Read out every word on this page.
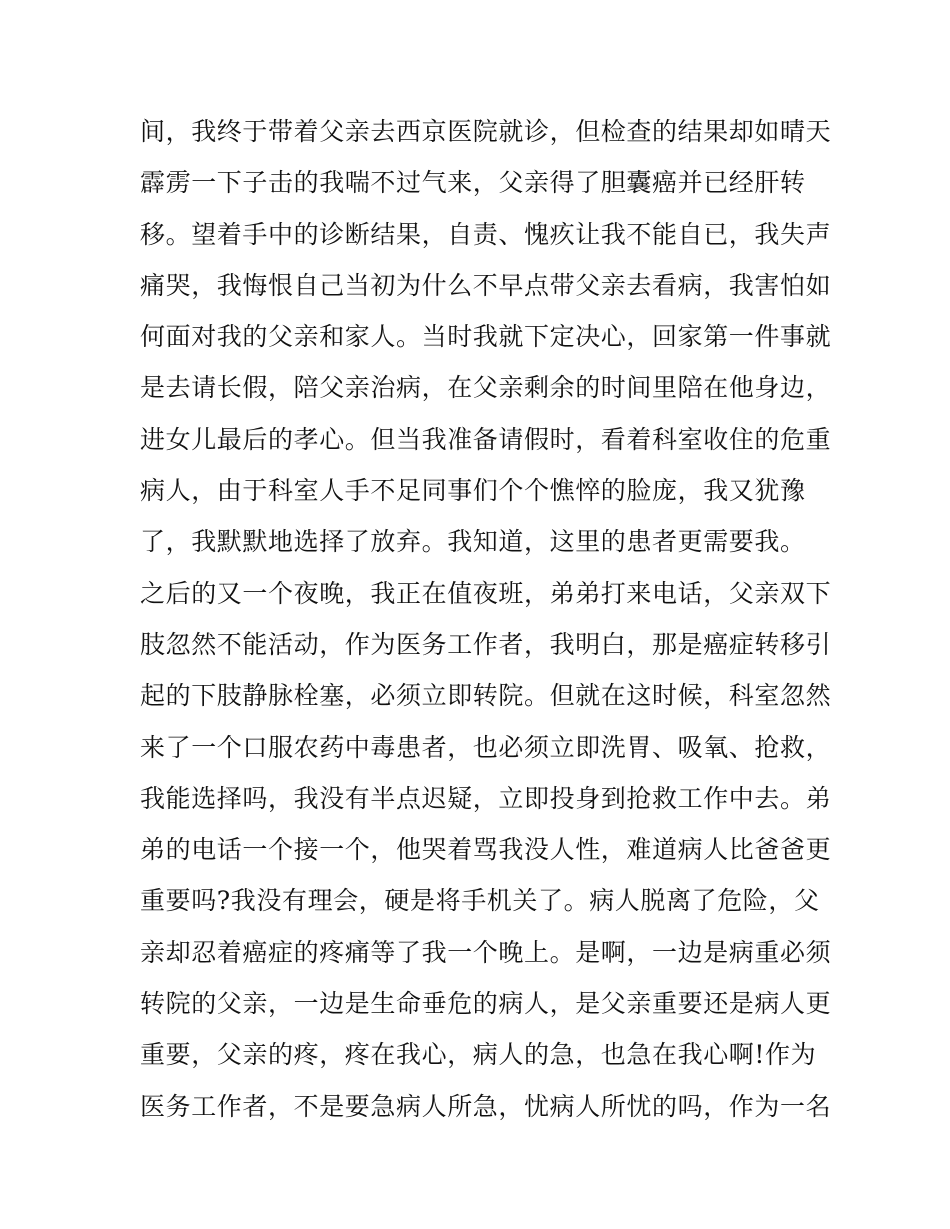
间，我终于带着父亲去西京医院就诊，但检查的结果却如晴天
霹雳一下子击的我喘不过气来，父亲得了胆囊癌并已经肝转
移。望着手中的诊断结果，自责、愧疚让我不能自已，我失声
痛哭，我悔恨自己当初为什么不早点带父亲去看病，我害怕如
何面对我的父亲和家人。当时我就下定决心，回家第一件事就
是去请长假，陪父亲治病，在父亲剩余的时间里陪在他身边，
进女儿最后的孝心。但当我准备请假时，看着科室收住的危重
病人，由于科室人手不足同事们个个憔悴的脸庞，我又犹豫
了，我默默地选择了放弃。我知道，这里的患者更需要我。
之后的又一个夜晚，我正在值夜班，弟弟打来电话，父亲双下
肢忽然不能活动，作为医务工作者，我明白，那是癌症转移引
起的下肢静脉栓塞，必须立即转院。但就在这时候，科室忽然
来了一个口服农药中毒患者，也必须立即洗胃、吸氧、抢救，
我能选择吗，我没有半点迟疑，立即投身到抢救工作中去。弟
弟的电话一个接一个，他哭着骂我没人性，难道病人比爸爸更
重要吗?我没有理会，硬是将手机关了。病人脱离了危险，父
亲却忍着癌症的疼痛等了我一个晚上。是啊，一边是病重必须
转院的父亲，一边是生命垂危的病人，是父亲重要还是病人更
重要，父亲的疼，疼在我心，病人的急，也急在我心啊!作为
医务工作者，不是要急病人所急，忧病人所忧的吗，作为一名
